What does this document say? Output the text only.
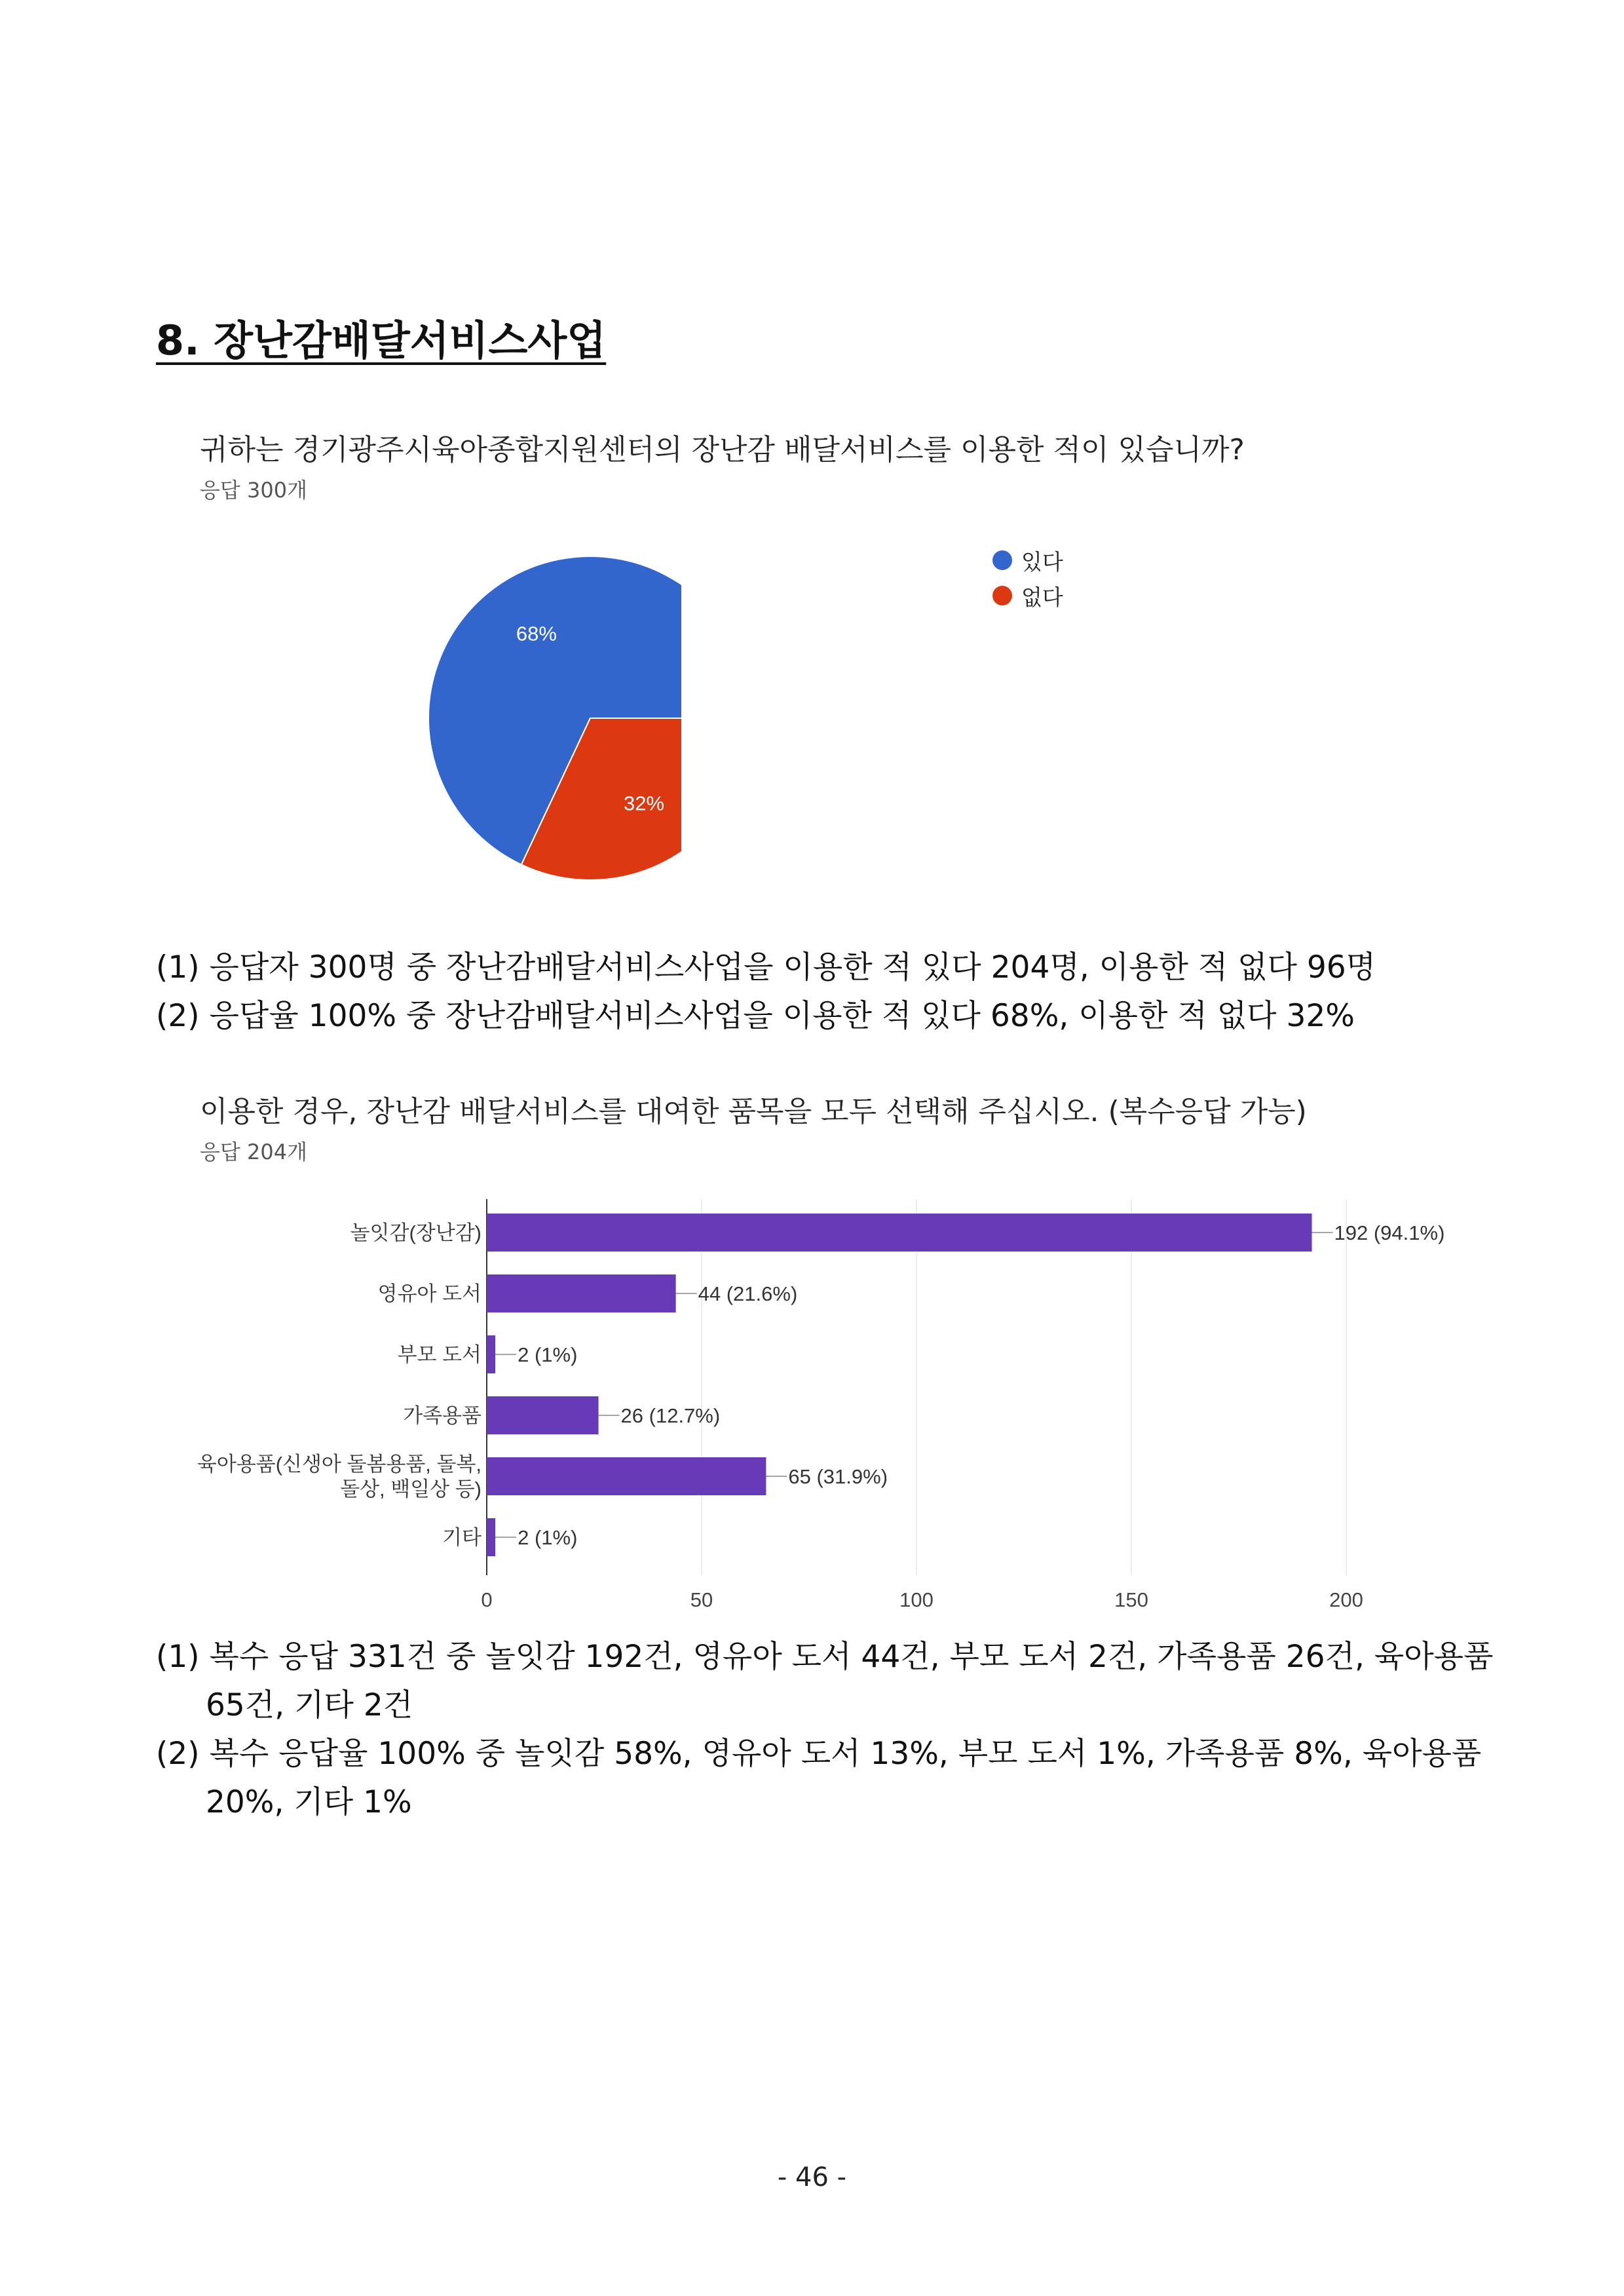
8. 장난감배달서비스사업
귀하는 경기광주시육아종합지원센터의 장난감 배달서비스를 이용한 적이 있습니까?
응답 300개
68%
32%
있다
없다
(1) 응답자 300명 중 장난감배달서비스사업을 이용한 적 있다 204명, 이용한 적 없다 96명
(2) 응답율 100% 중 장난감배달서비스사업을 이용한 적 있다 68%, 이용한 적 없다 32%
이용한 경우, 장난감 배달서비스를 대여한 품목을 모두 선택해 주십시오. (복수응답 가능)
응답 204개
192 (94.1%)
44 (21.6%)
2 (1%)
26 (12.7%)
65 (31.9%)
2 (1%)
놀잇감(장난감)
영유아 도서
부모 도서
가족용품
육아용품(신생아 돌봄용품, 돌복,
돌상, 백일상 등)
기타
0	50	100	150	200
(1) 복수 응답 331건 중 놀잇감 192건, 영유아 도서 44건, 부모 도서 2건, 가족용품 26건, 육아용품
65건, 기타 2건
(2) 복수 응답율 100% 중 놀잇감 58%, 영유아 도서 13%, 부모 도서 1%, 가족용품 8%, 육아용품
20%, 기타 1%
- 46 -
